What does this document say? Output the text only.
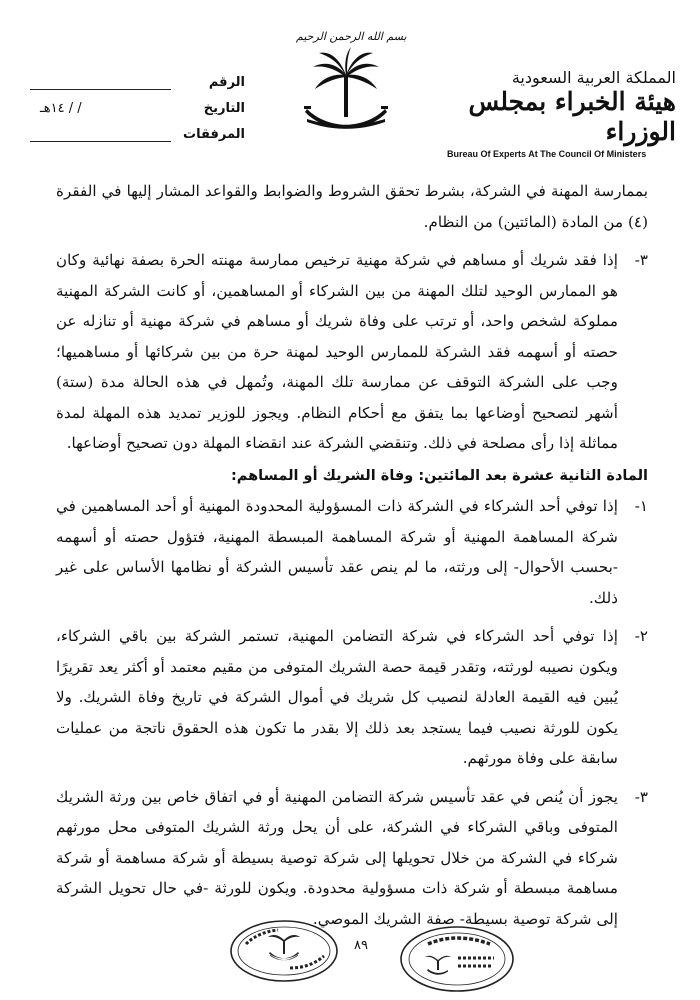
الرقم
التاريخ
/ / ١٤هـ
المرفقات
بسم الله الرحمن الرحيم
المملكة العربية السعودية
هيئة الخبراء بمجلس الوزراء
Bureau Of Experts At The Council Of Ministers

بممارسة المهنة في الشركة، بشرط تحقق الشروط والضوابط والقواعد المشار إليها في الفقرة (٤) من المادة (المائتين) من النظام.

٣-
إذا فقد شريك أو مساهم في شركة مهنية ترخيص ممارسة مهنته الحرة بصفة نهائية وكان هو الممارس الوحيد لتلك المهنة من بين الشركاء أو المساهمين، أو كانت الشركة المهنية مملوكة لشخص واحد، أو ترتب على وفاة شريك أو مساهم في شركة مهنية أو تنازله عن حصته أو أسهمه فقد الشركة للممارس الوحيد لمهنة حرة من بين شركائها أو مساهميها؛ وجب على الشركة التوقف عن ممارسة تلك المهنة، وتُمهل في هذه الحالة مدة (ستة) أشهر لتصحيح أوضاعها بما يتفق مع أحكام النظام. ويجوز للوزير تمديد هذه المهلة لمدة مماثلة إذا رأى مصلحة في ذلك. وتنقضي الشركة عند انقضاء المهلة دون تصحيح أوضاعها.
المادة الثانية عشرة بعد المائتين: وفاة الشريك أو المساهم:
١-
إذا توفي أحد الشركاء في الشركة ذات المسؤولية المحدودة المهنية أو أحد المساهمين في شركة المساهمة المهنية أو شركة المساهمة المبسطة المهنية، فتؤول حصته أو أسهمه -بحسب الأحوال- إلى ورثته، ما لم ينص عقد تأسيس الشركة أو نظامها الأساس على غير ذلك.
٢-
إذا توفي أحد الشركاء في شركة التضامن المهنية، تستمر الشركة بين باقي الشركاء، ويكون نصيبه لورثته، وتقدر قيمة حصة الشريك المتوفى من مقيم معتمد أو أكثر يعد تقريرًا يُبين فيه القيمة العادلة لنصيب كل شريك في أموال الشركة في تاريخ وفاة الشريك. ولا يكون للورثة نصيب فيما يستجد بعد ذلك إلا بقدر ما تكون هذه الحقوق ناتجة من عمليات سابقة على وفاة مورثهم.
٣-
يجوز أن يُنص في عقد تأسيس شركة التضامن المهنية أو في اتفاق خاص بين ورثة الشريك المتوفى وباقي الشركاء في الشركة، على أن يحل ورثة الشريك المتوفى محل مورثهم شركاء في الشركة من خلال تحويلها إلى شركة توصية بسيطة أو شركة مساهمة أو شركة مساهمة مبسطة أو شركة ذات مسؤولية محدودة. ويكون للورثة -في حال تحويل الشركة إلى شركة توصية بسيطة- صفة الشريك الموصي.
٨٩
